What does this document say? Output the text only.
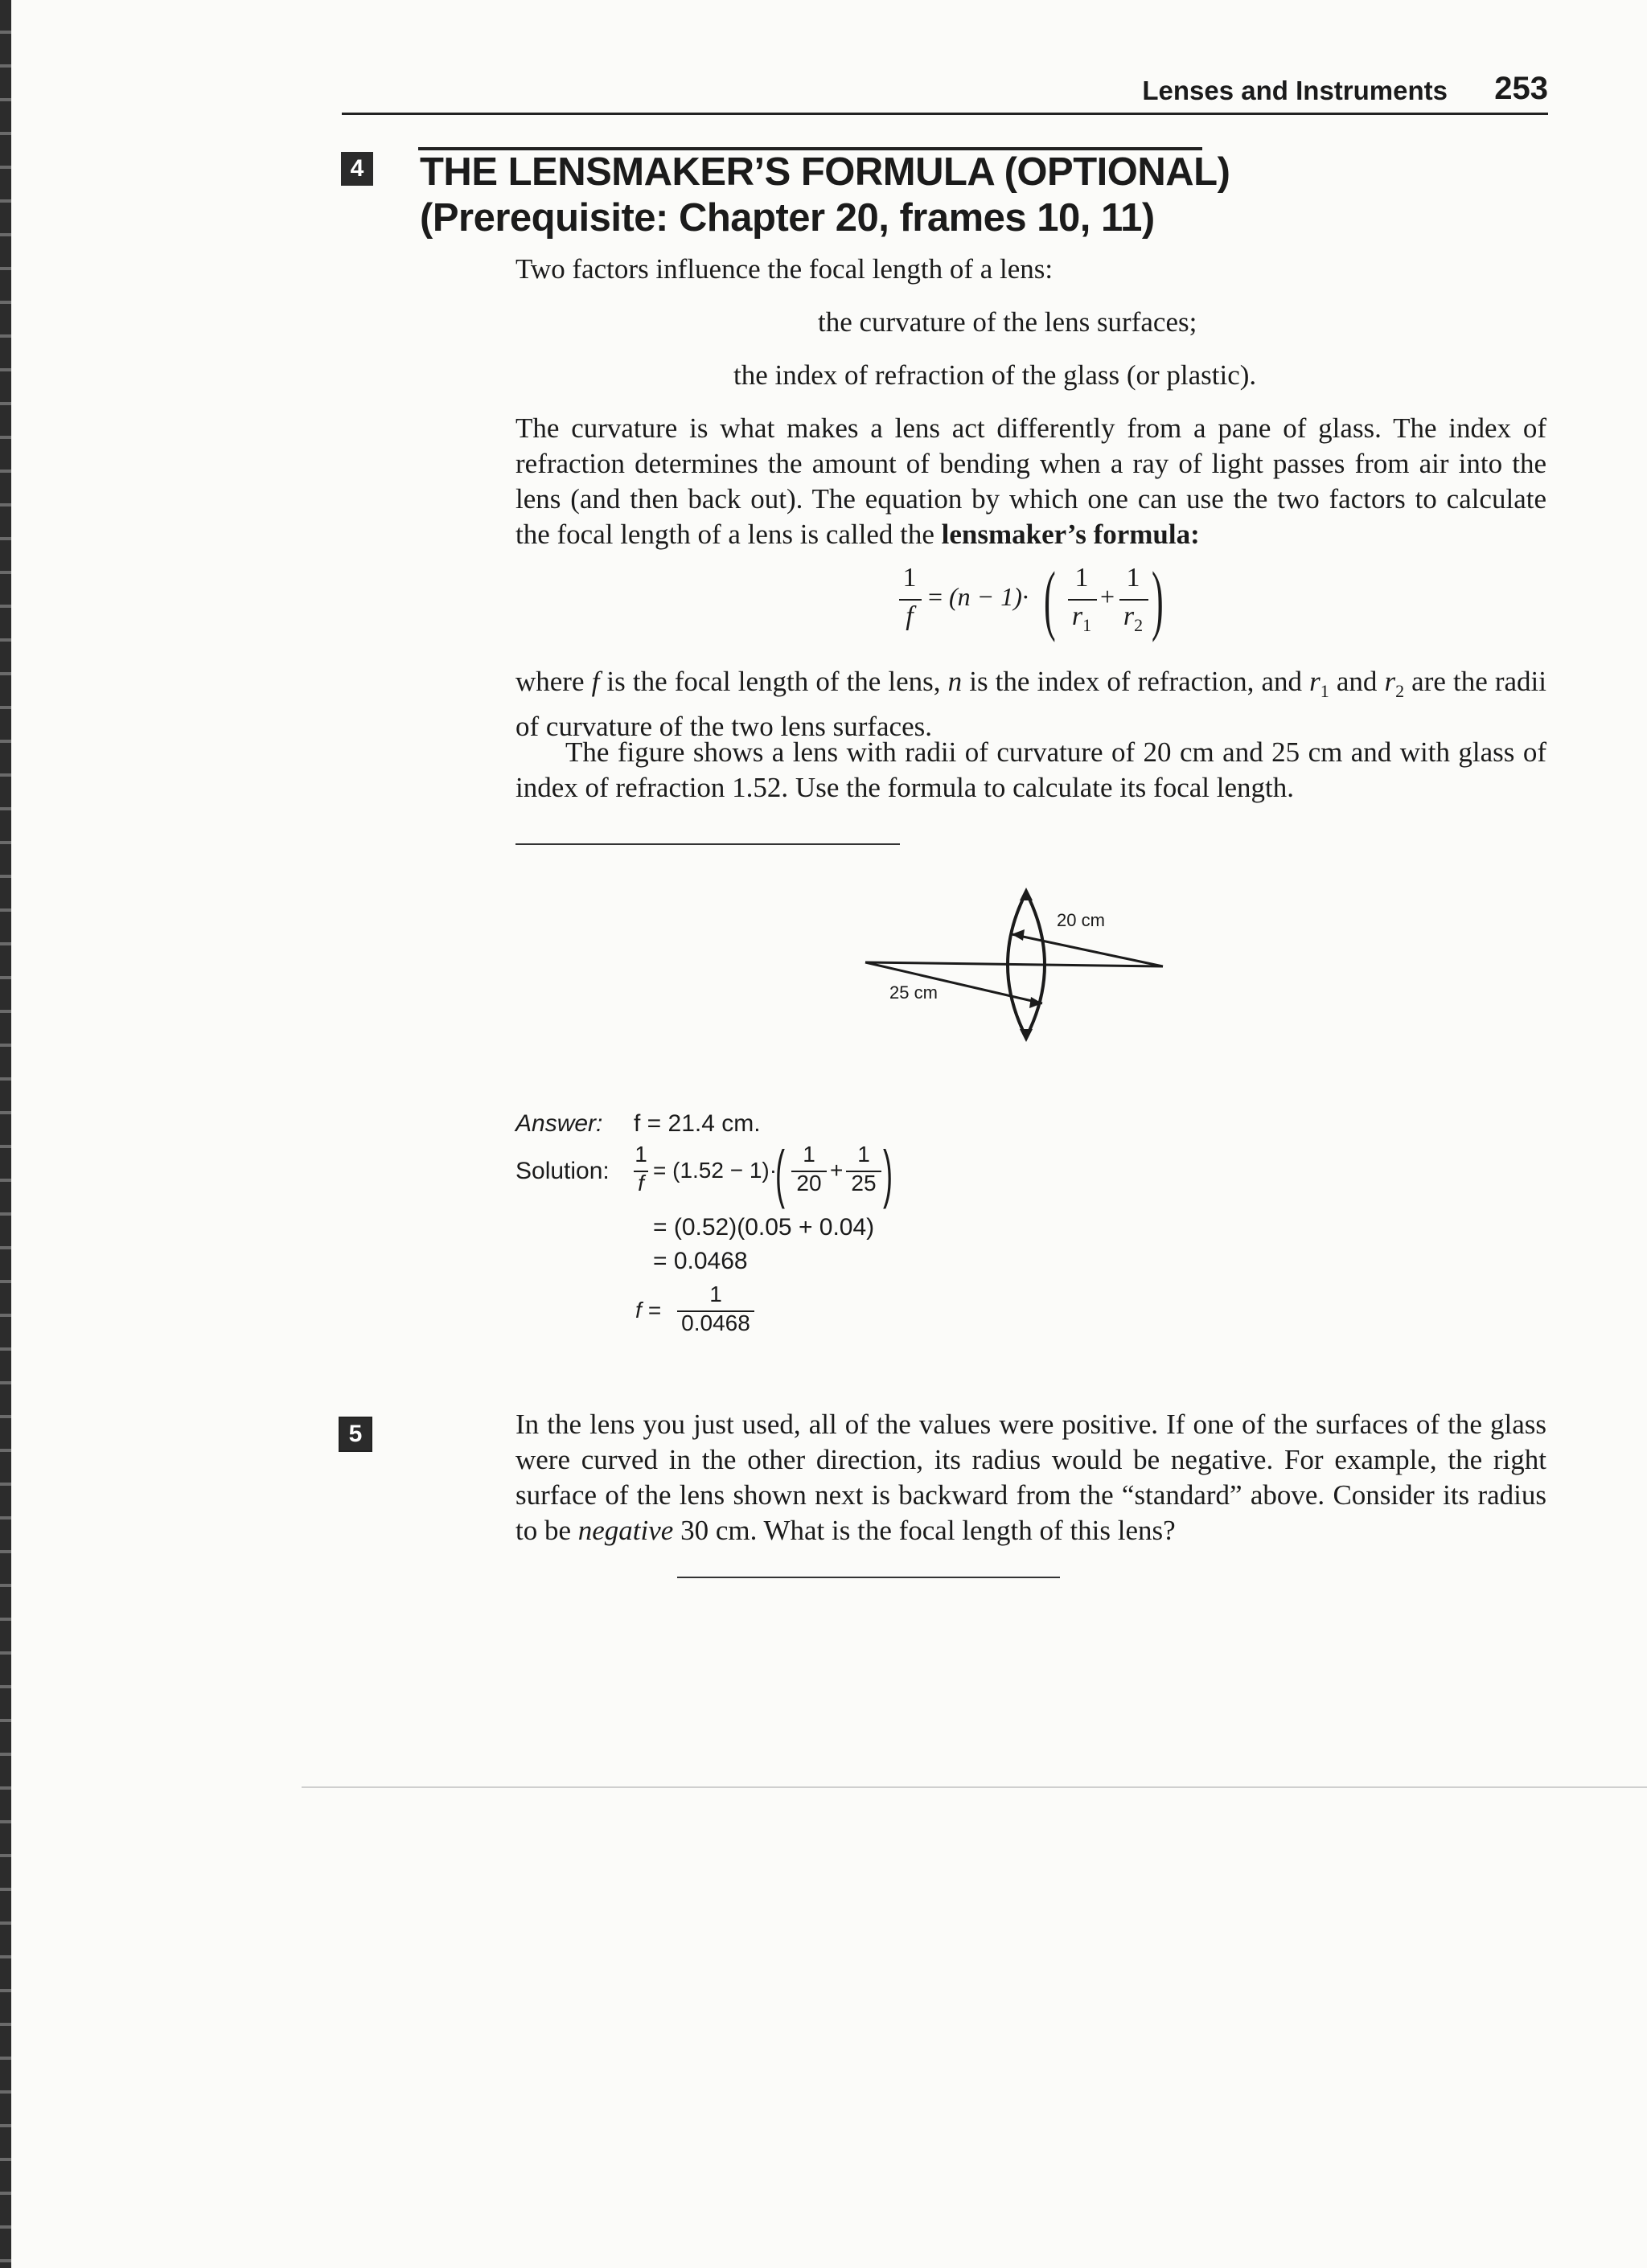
Lenses and Instruments 253
4 THE LENSMAKER’S FORMULA (OPTIONAL)
(Prerequisite: Chapter 20, frames 10, 11)
Two factors influence the focal length of a lens:
the curvature of the lens surfaces;
the index of refraction of the glass (or plastic).
The curvature is what makes a lens act differently from a pane of glass. The index of refraction determines the amount of bending when a ray of light passes from air into the lens (and then back out). The equation by which one can use the two factors to calculate the focal length of a lens is called the lensmaker’s formula:
1
f
= (n − 1)· ( 1
$r_1$
+
1
$r_2$ )
where f is the focal length of the lens, n is the index of refraction, and $r_1$ and $r_2$ are the radii of curvature of the two lens surfaces.
The figure shows a lens with radii of curvature of 20 cm and 25 cm and with glass of index of refraction 1.52. Use the formula to calculate its focal length.
20 cm
25 cm
Answer: f = 21.4 cm.
Solution:
1
f
= (1.52 − 1)·
( 1
20
+
1
25 )
= (0.52)(0.05 + 0.04)
= 0.0468
f =
1
0.0468
5	In the lens you just used, all of the values were positive. If one of the surfaces of the glass were curved in the other direction, its radius would be negative. For example, the right surface of the lens shown next is backward from the “standard” above. Consider its radius to be negative 30 cm. What is the focal length of this lens?
